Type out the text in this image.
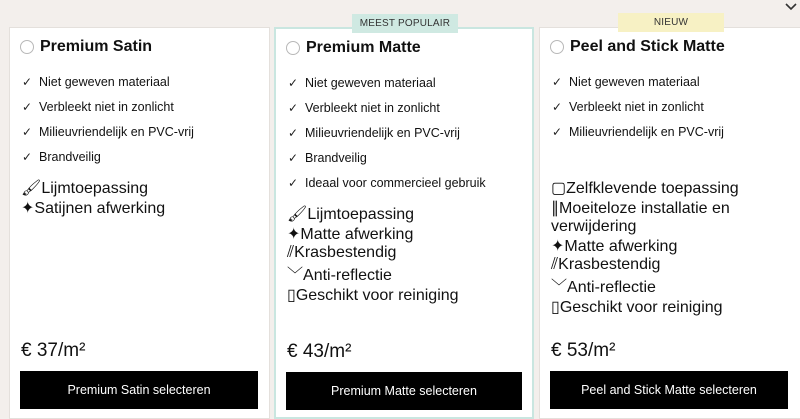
Premium Satin
✓ Niet geweven materiaal
✓ Verbleekt niet in zonlicht
✓ Milieuvriendelijk en PVC-vrij
✓ Brandveilig
🖌︎Lijmtoepassing
✦Satijnen afwerking
€ 37/m²
Premium Satin selecteren
MEEST POPULAIR
Premium Matte
✓ Niet geweven materiaal
✓ Verbleekt niet in zonlicht
✓ Milieuvriendelijk en PVC-vrij
✓ Brandveilig
✓ Ideaal voor commercieel gebruik
🖌︎Lijmtoepassing
✦Matte afwerking
⫽Krasbestendig
﹀Anti-reflectie
▯Geschikt voor reiniging
€ 43/m²
Premium Matte selecteren
NIEUW
Peel and Stick Matte
✓ Niet geweven materiaal
✓ Verbleekt niet in zonlicht
✓ Milieuvriendelijk en PVC-vrij
▢Zelfklevende toepassing
∥Moeiteloze installatie en verwijdering
✦Matte afwerking
⫽Krasbestendig
﹀Anti-reflectie
▯Geschikt voor reiniging
€ 53/m²
Peel and Stick Matte selecteren
